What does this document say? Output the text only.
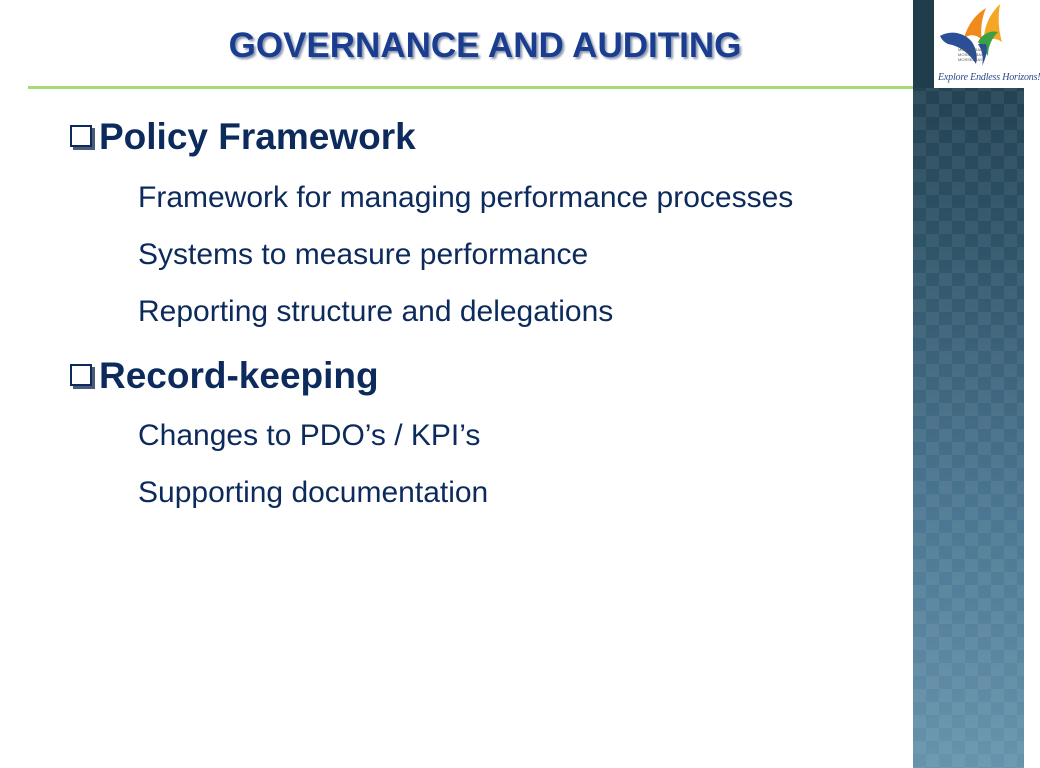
MOSSELBAAI
MOSSEL BAY
MOSSELBAYI
Explore Endless Horizons!
GOVERNANCE AND AUDITING
Policy Framework
Framework for managing performance processes
Systems to measure performance
Reporting structure and delegations
Record-keeping
Changes to PDO’s / KPI’s
Supporting documentation
